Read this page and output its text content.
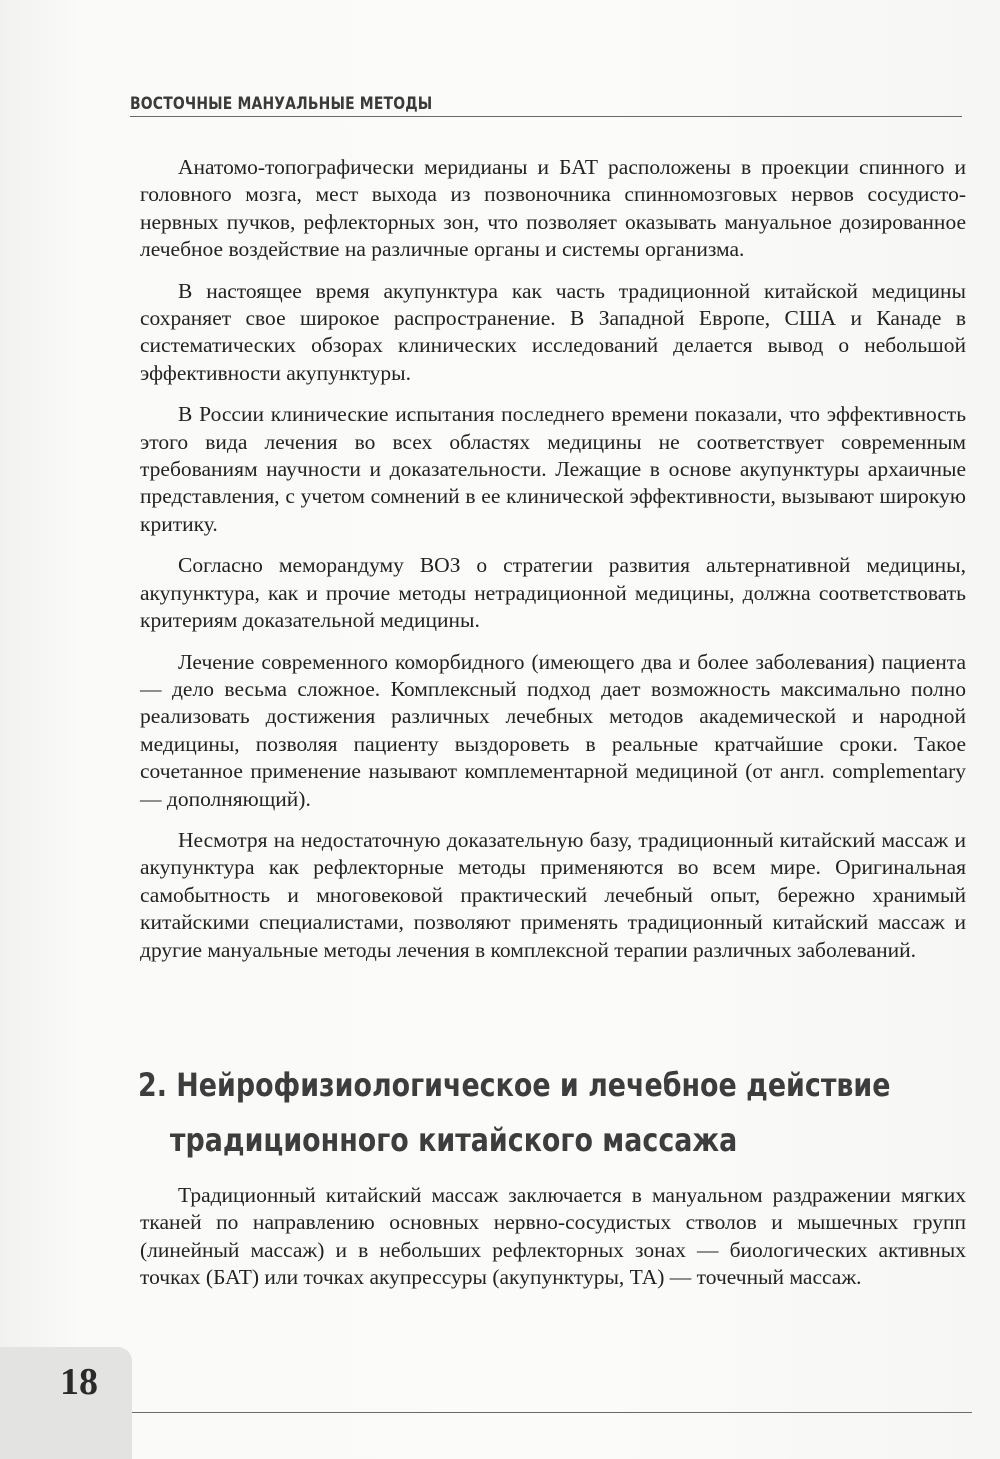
ВОСТОЧНЫЕ МАНУАЛЬНЫЕ МЕТОДЫ

Анатомо-топографически меридианы и БАТ расположены в проекции спинного и головного мозга, мест выхода из позвоночника спинномозговых нервов сосудисто-нервных пучков, рефлекторных зон, что позволяет оказывать мануальное дозированное лечебное воздействие на различные органы и системы организма.

В настоящее время акупунктура как часть традиционной китайской медицины сохраняет свое широкое распространение. В Западной Европе, США и Канаде в систематических обзорах клинических исследований делается вывод о небольшой эффективности акупунктуры.

В России клинические испытания последнего времени показали, что эффективность этого вида лечения во всех областях медицины не соответствует современным требованиям научности и доказательности. Лежащие в основе акупунктуры архаичные представления, с учетом сомнений в ее клинической эффективности, вызывают широкую критику.

Согласно меморандуму ВОЗ о стратегии развития альтернативной медицины, акупунктура, как и прочие методы нетрадиционной медицины, должна соответствовать критериям доказательной медицины.

Лечение современного коморбидного (имеющего два и более заболевания) пациента — дело весьма сложное. Комплексный подход дает возможность максимально полно реализовать достижения различных лечебных методов академической и народной медицины, позволяя пациенту выздороветь в реальные кратчайшие сроки. Такое сочетанное применение называют комплементарной медициной (от англ. complementary — дополняющий).

Несмотря на недостаточную доказательную базу, традиционный китайский массаж и акупунктура как рефлекторные методы применяются во всем мире. Оригинальная самобытность и многовековой практический лечебный опыт, бережно хранимый китайскими специалистами, позволяют применять традиционный китайский массаж и другие мануальные методы лечения в комплексной терапии различных заболеваний.

2. Нейрофизиологическое и лечебное действие
традиционного китайского массажа

Традиционный китайский массаж заключается в мануальном раздражении мягких тканей по направлению основных нервно-сосудистых стволов и мышечных групп (линейный массаж) и в небольших рефлекторных зонах — биологических активных точках (БАТ) или точках акупрессуры (акупунктуры, ТА) — точечный массаж.

18
